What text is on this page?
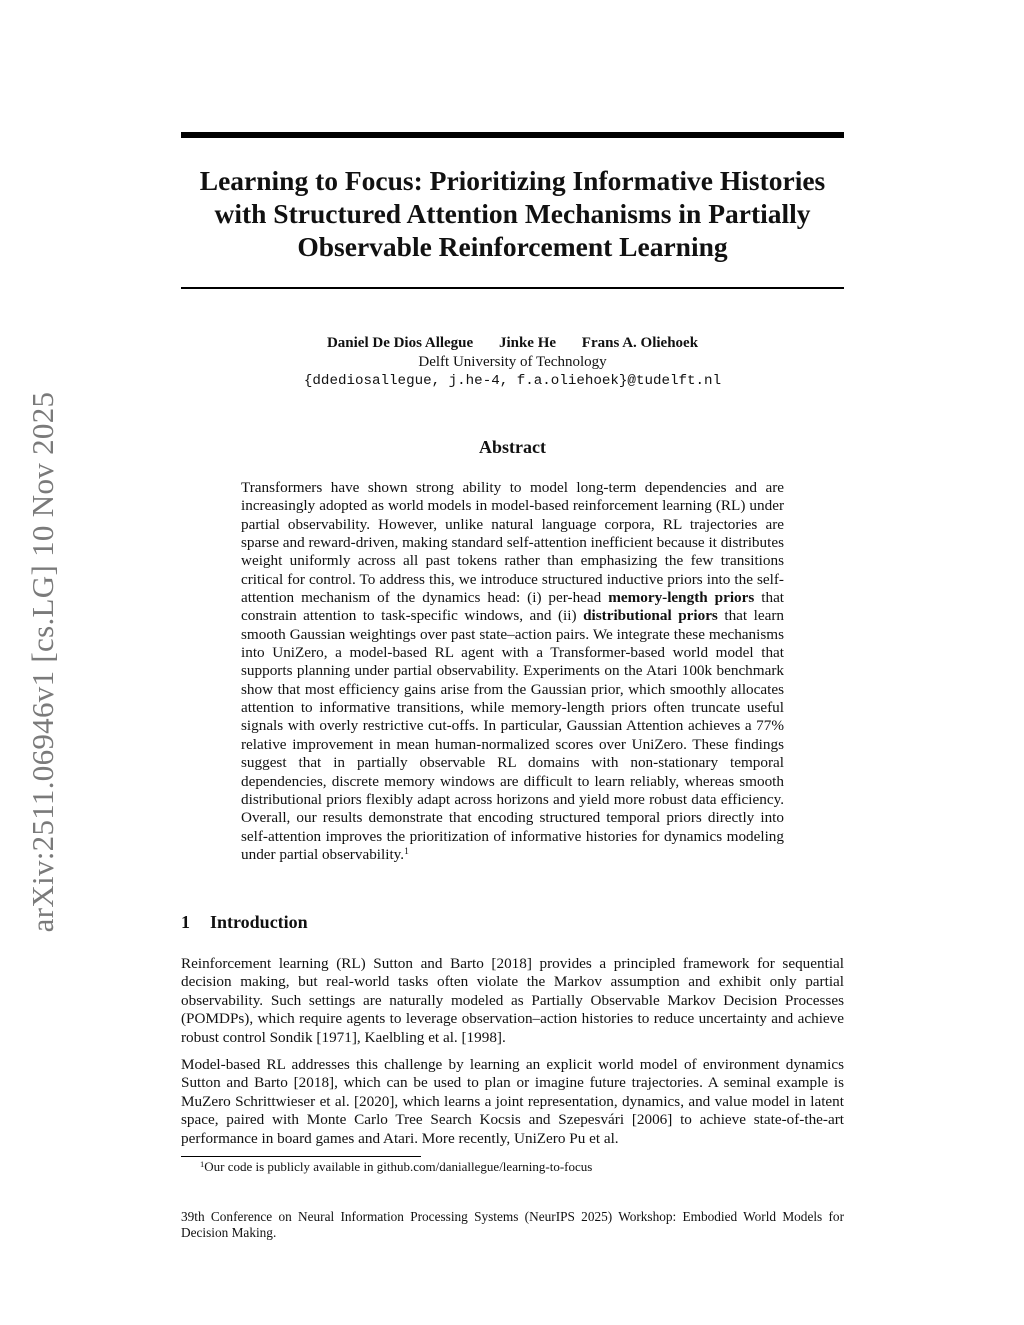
arXiv:2511.06946v1 [cs.LG] 10 Nov 2025
Learning to Focus: Prioritizing Informative Histories
with Structured Attention Mechanisms in Partially
Observable Reinforcement Learning
Daniel De Dios Allegue Jinke He Frans A. Oliehoek
Delft University of Technology
{ddediosallegue, j.he-4, f.a.oliehoek}@tudelft.nl
Abstract

Transformers have shown strong ability to model long-term dependencies and are increasingly adopted as world models in model-based reinforcement learning (RL) under partial observability. However, unlike natural language corpora, RL trajectories are sparse and reward-driven, making standard self-attention inefficient because it distributes weight uniformly across all past tokens rather than emphasizing the few transitions critical for control. To address this, we introduce structured inductive priors into the self-attention mechanism of the dynamics head: (i) per-head memory-length priors that constrain attention to task-specific windows, and (ii) distributional priors that learn smooth Gaussian weightings over past state–action pairs. We integrate these mechanisms into UniZero, a model-based RL agent with a Transformer-based world model that supports planning under partial observability. Experiments on the Atari 100k benchmark show that most efficiency gains arise from the Gaussian prior, which smoothly allocates attention to informative transitions, while memory-length priors often truncate useful signals with overly restrictive cut-offs. In particular, Gaussian Attention achieves a 77% relative improvement in mean human-normalized scores over UniZero. These findings suggest that in partially observable RL domains with non-stationary temporal dependencies, discrete memory windows are difficult to learn reliably, whereas smooth distributional priors flexibly adapt across horizons and yield more robust data efficiency. Overall, our results demonstrate that encoding structured temporal priors directly into self-attention improves the prioritization of informative histories for dynamics modeling under partial observability.$^1$

1 Introduction

Reinforcement learning (RL) Sutton and Barto [2018] provides a principled framework for sequential decision making, but real-world tasks often violate the Markov assumption and exhibit only partial observability. Such settings are naturally modeled as Partially Observable Markov Decision Processes (POMDPs), which require agents to leverage observation–action histories to reduce uncertainty and achieve robust control Sondik [1971], Kaelbling et al. [1998].

Model-based RL addresses this challenge by learning an explicit world model of environment dynamics Sutton and Barto [2018], which can be used to plan or imagine future trajectories. A seminal example is MuZero Schrittwieser et al. [2020], which learns a joint representation, dynamics, and value model in latent space, paired with Monte Carlo Tree Search Kocsis and Szepesvári [2006] to achieve state-of-the-art performance in board games and Atari. More recently, UniZero Pu et al.

$^1$Our code is publicly available in github.com/daniallegue/learning-to-focus

39th Conference on Neural Information Processing Systems (NeurIPS 2025) Workshop: Embodied World Models for Decision Making.
